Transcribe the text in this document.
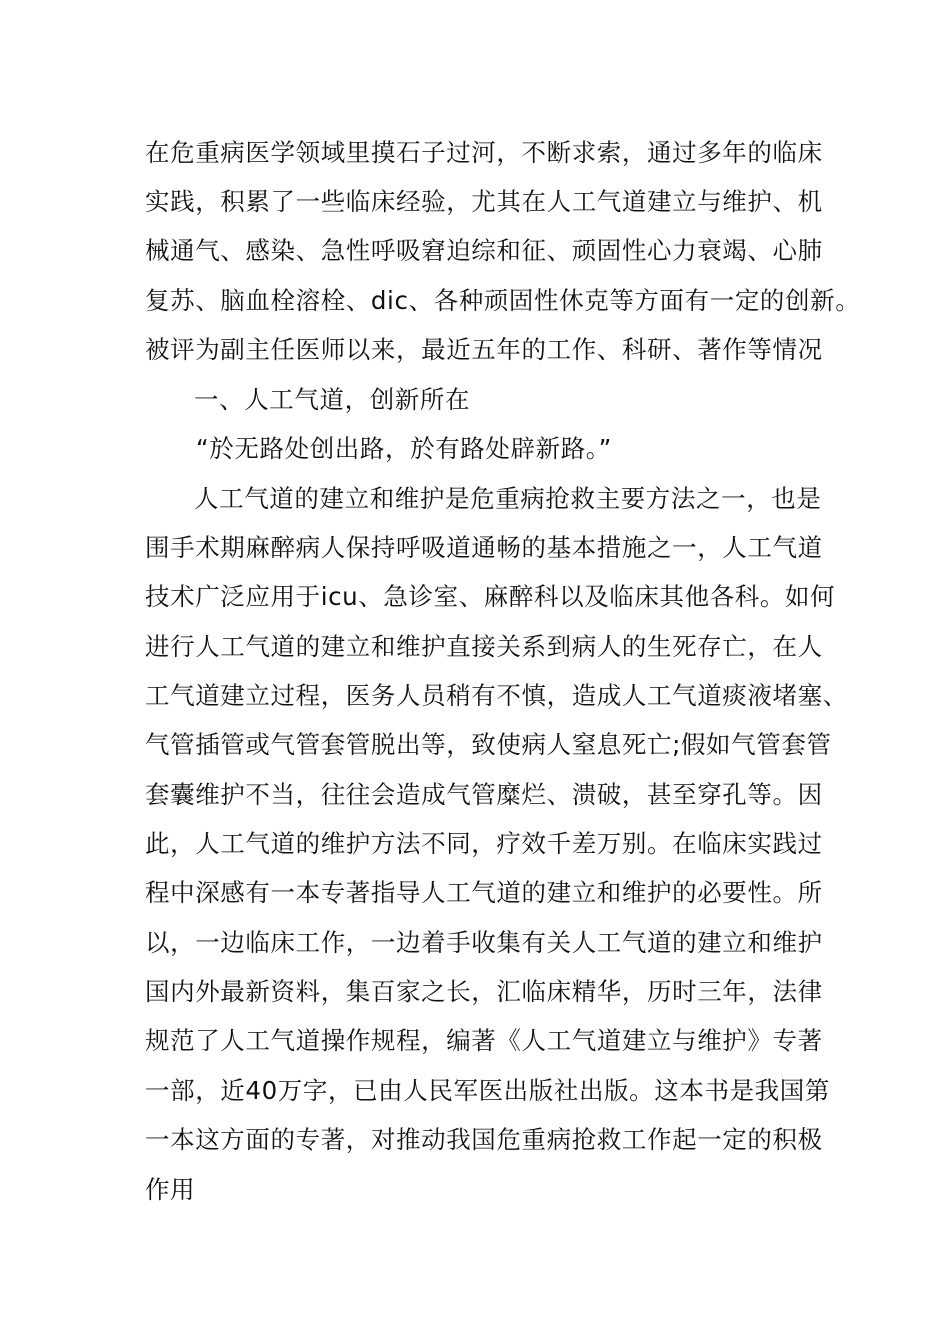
在危重病医学领域里摸石子过河，不断求索，通过多年的临床
实践，积累了一些临床经验，尤其在人工气道建立与维护、机
械通气、感染、急性呼吸窘迫综和征、顽固性心力衰竭、心肺
复苏、脑血栓溶栓、dic、各种顽固性休克等方面有一定的创新。
被评为副主任医师以来，最近五年的工作、科研、著作等情况
一、人工气道，创新所在
“於无路处创出路，於有路处辟新路。”
人工气道的建立和维护是危重病抢救主要方法之一，也是
围手术期麻醉病人保持呼吸道通畅的基本措施之一，人工气道
技术广泛应用于icu、急诊室、麻醉科以及临床其他各科。如何
进行人工气道的建立和维护直接关系到病人的生死存亡，在人
工气道建立过程，医务人员稍有不慎，造成人工气道痰液堵塞、
气管插管或气管套管脱出等，致使病人窒息死亡;假如气管套管
套囊维护不当，往往会造成气管糜烂、溃破，甚至穿孔等。因
此，人工气道的维护方法不同，疗效千差万别。在临床实践过
程中深感有一本专著指导人工气道的建立和维护的必要性。所
以，一边临床工作，一边着手收集有关人工气道的建立和维护
国内外最新资料，集百家之长，汇临床精华，历时三年，法律
规范了人工气道操作规程，编著《人工气道建立与维护》专著
一部，近40万字，已由人民军医出版社出版。这本书是我国第
一本这方面的专著，对推动我国危重病抢救工作起一定的积极
作用
